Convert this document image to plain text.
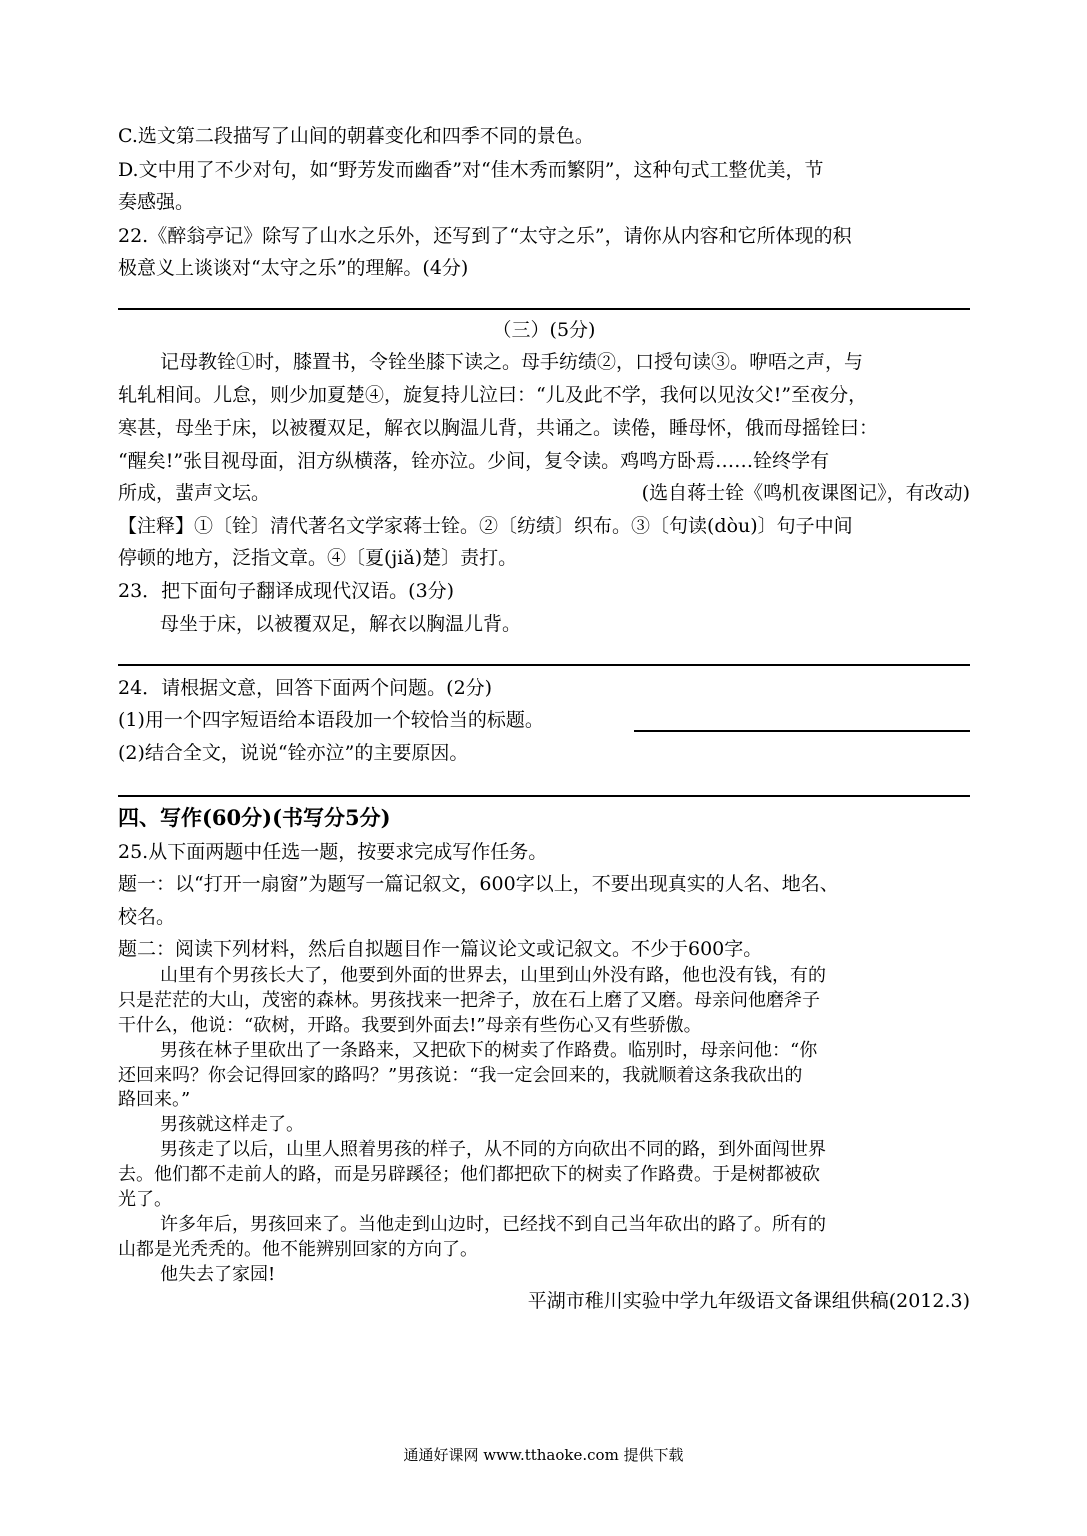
C.选文第二段描写了山间的朝暮变化和四季不同的景色。
D.文中用了不少对句，如“野芳发而幽香”对“佳木秀而繁阴”，这种句式工整优美，节
奏感强。
22.《醉翁亭记》除写了山水之乐外，还写到了“太守之乐”，请你从内容和它所体现的积
极意义上谈谈对“太守之乐”的理解。(4分)
（三）(5分)
记母教铨①时，膝置书，令铨坐膝下读之。母手纺绩②，口授句读③。咿唔之声，与
轧轧相间。儿怠，则少加夏楚④，旋复持儿泣曰：“儿及此不学，我何以见汝父!”至夜分，
寒甚，母坐于床，以被覆双足，解衣以胸温儿背，共诵之。读倦，睡母怀，俄而母摇铨曰：
“醒矣!”张目视母面，泪方纵横落，铨亦泣。少间，复令读。鸡鸣方卧焉……铨终学有
所成，蜚声文坛。	(选自蒋士铨《鸣机夜课图记》，有改动)
【注释】①〔铨〕清代著名文学家蒋士铨。②〔纺绩〕织布。③〔句读(dòu)〕句子中间
停顿的地方，泛指文章。④〔夏(jiǎ)楚〕责打。
23．把下面句子翻译成现代汉语。(3分)
母坐于床，以被覆双足，解衣以胸温儿背。
24．请根据文意，回答下面两个问题。(2分)
(1)用一个四字短语给本语段加一个较恰当的标题。
(2)结合全文，说说“铨亦泣”的主要原因。
四、写作(60分)(书写分5分)
25.从下面两题中任选一题，按要求完成写作任务。
题一：以“打开一扇窗”为题写一篇记叙文，600字以上，不要出现真实的人名、地名、
校名。
题二：阅读下列材料，然后自拟题目作一篇议论文或记叙文。不少于600字。
山里有个男孩长大了，他要到外面的世界去，山里到山外没有路，他也没有钱，有的
只是茫茫的大山，茂密的森林。男孩找来一把斧子，放在石上磨了又磨。母亲问他磨斧子
干什么，他说：“砍树，开路。我要到外面去!”母亲有些伤心又有些骄傲。
男孩在林子里砍出了一条路来，又把砍下的树卖了作路费。临别时，母亲问他：“你
还回来吗？你会记得回家的路吗？”男孩说：“我一定会回来的，我就顺着这条我砍出的
路回来。”
男孩就这样走了。
男孩走了以后，山里人照着男孩的样子，从不同的方向砍出不同的路，到外面闯世界
去。他们都不走前人的路，而是另辟蹊径；他们都把砍下的树卖了作路费。于是树都被砍
光了。
许多年后，男孩回来了。当他走到山边时，已经找不到自己当年砍出的路了。所有的
山都是光秃秃的。他不能辨别回家的方向了。
他失去了家园!
平湖市稚川实验中学九年级语文备课组供稿(2012.3)
通通好课网 www.tthaoke.com 提供下载
